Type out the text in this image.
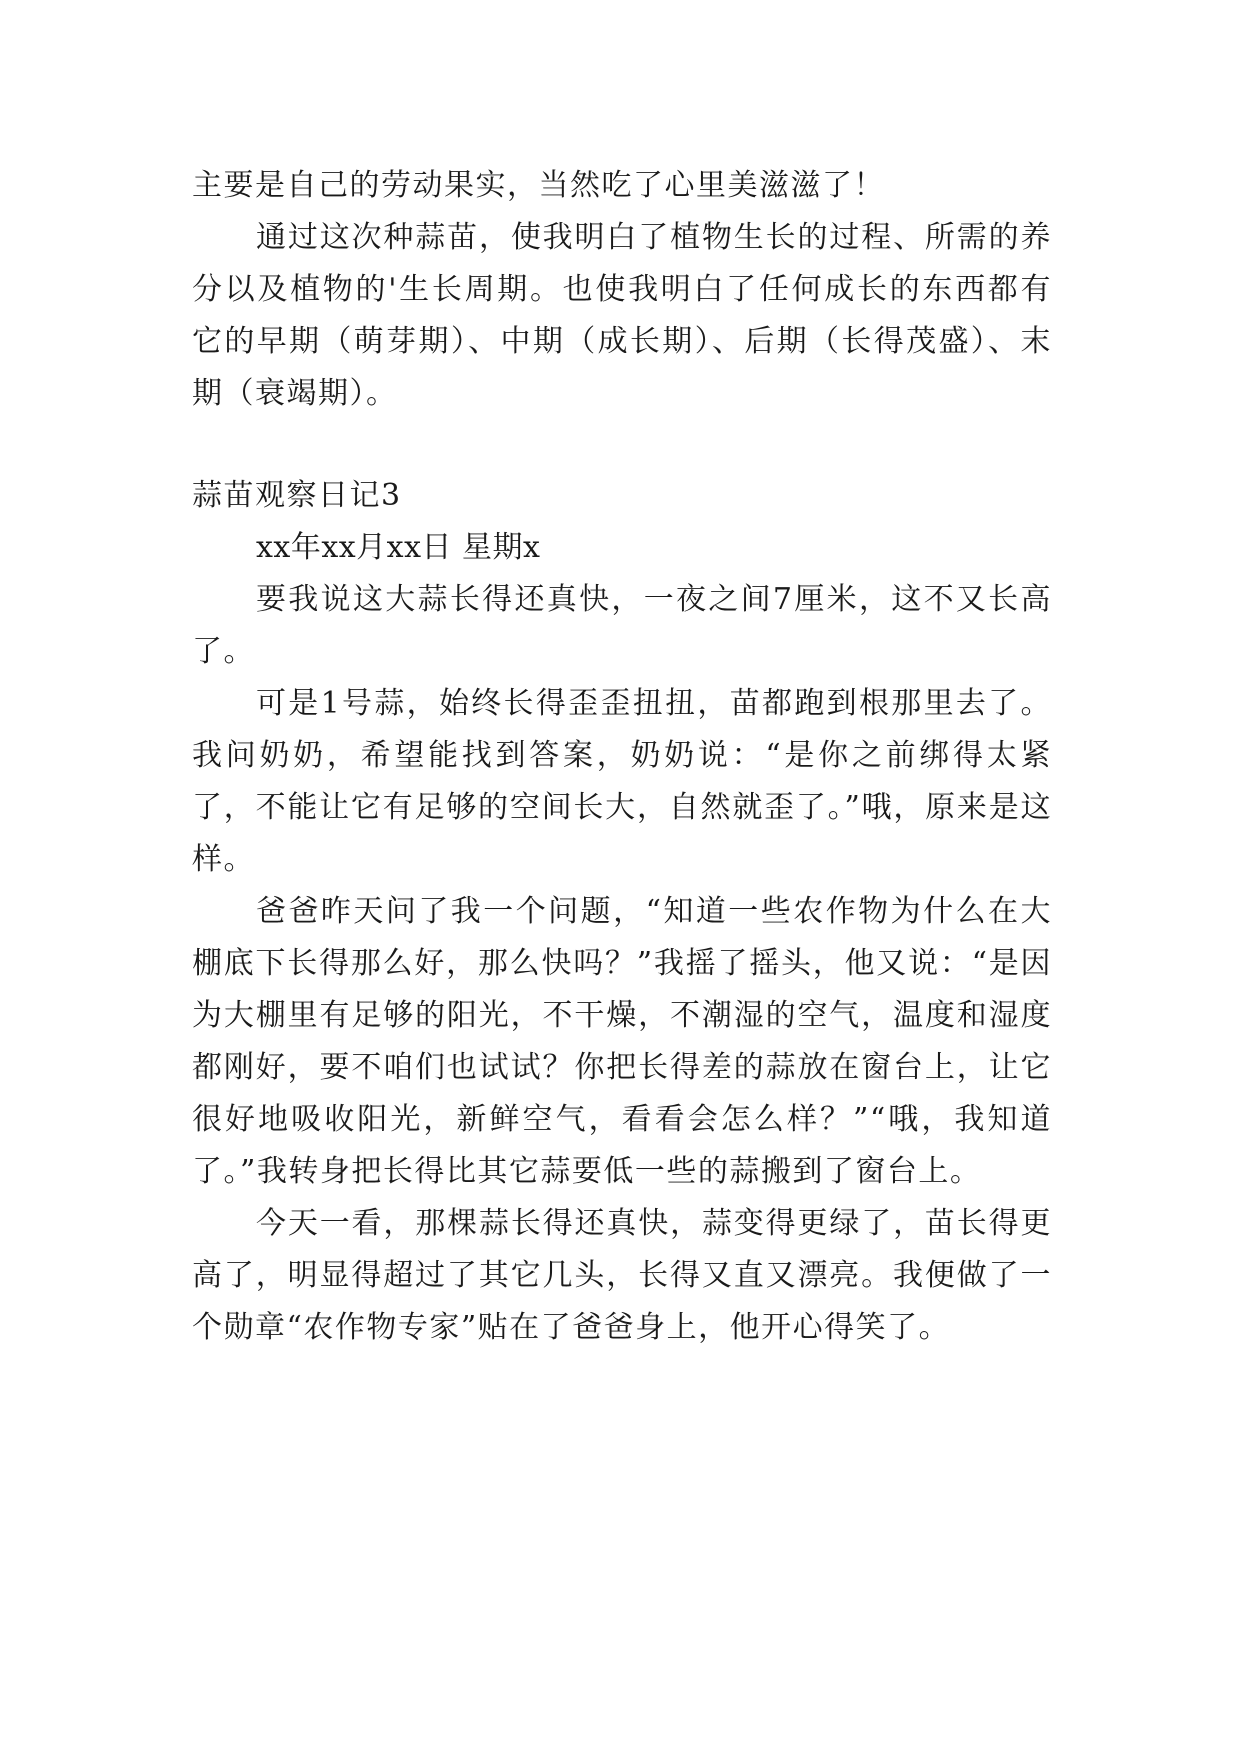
主要是自己的劳动果实，当然吃了心里美滋滋了！

通过这次种蒜苗，使我明白了植物生长的过程、所需的养分以及植物的'生长周期。也使我明白了任何成长的东西都有它的早期（萌芽期）、中期（成长期）、后期（长得茂盛）、末期（衰竭期）。

蒜苗观察日记3

xx年xx月xx日 星期x

要我说这大蒜长得还真快，一夜之间7厘米，这不又长高了。

可是1号蒜，始终长得歪歪扭扭，苗都跑到根那里去了。我问奶奶，希望能找到答案，奶奶说：“是你之前绑得太紧了，不能让它有足够的空间长大，自然就歪了。”哦，原来是这样。

爸爸昨天问了我一个问题，“知道一些农作物为什么在大棚底下长得那么好，那么快吗？”我摇了摇头，他又说：“是因为大棚里有足够的阳光，不干燥，不潮湿的空气，温度和湿度都刚好，要不咱们也试试？你把长得差的蒜放在窗台上，让它很好地吸收阳光，新鲜空气，看看会怎么样？”“哦，我知道了。”我转身把长得比其它蒜要低一些的蒜搬到了窗台上。

今天一看，那棵蒜长得还真快，蒜变得更绿了，苗长得更高了，明显得超过了其它几头，长得又直又漂亮。我便做了一个勋章“农作物专家”贴在了爸爸身上，他开心得笑了。
